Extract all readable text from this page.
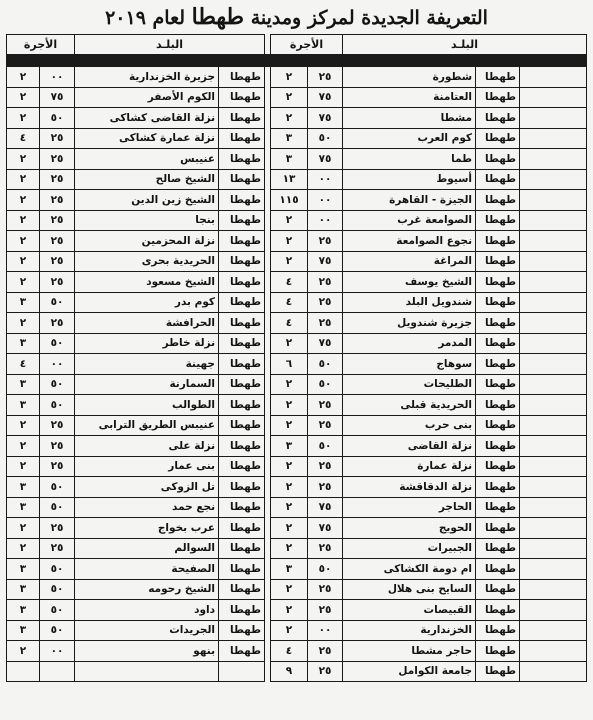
التعريفة الجديدة لمركز ومدينة طهطا لعام ٢٠١٩
الأجرة		البلـد			الأجرة		البلـد		

٢	٠٠	جزيرة الخزندارية	طهطا		٢	٢٥	شطورة	طهطا	
٢	٧٥	الكوم الأصفر	طهطا		٢	٧٥	العتامنة	طهطا	
٢	٥٠	نزلة القاضى كشاكى	طهطا		٢	٧٥	مشطا	طهطا	
٤	٢٥	نزلة عمارة كشاكى	طهطا		٣	٥٠	كوم العرب	طهطا	
٢	٢٥	عنيبس	طهطا		٣	٧٥	طما	طهطا	
٢	٢٥	الشيخ صالح	طهطا		١٣	٠٠	أسيوط	طهطا	
٢	٢٥	الشيخ زين الدين	طهطا		١١٥	٠٠	الجيزة - القاهرة	طهطا	
٢	٢٥	بنجا	طهطا		٢	٠٠	الصوامعة غرب	طهطا	
٢	٢٥	نزلة المحزمين	طهطا		٢	٢٥	نجوع الصوامعة	طهطا	
٢	٢٥	الحريدية بحرى	طهطا		٢	٧٥	المراغة	طهطا	
٢	٢٥	الشيخ مسعود	طهطا		٤	٢٥	الشيخ يوسف	طهطا	
٣	٥٠	كوم بدر	طهطا		٤	٢٥	شندويل البلد	طهطا	
٢	٢٥	الحرافشة	طهطا		٤	٢٥	جزيرة شندويل	طهطا	
٣	٥٠	نزلة خاطر	طهطا		٢	٧٥	المدمر	طهطا	
٤	٠٠	جهينة	طهطا		٦	٥٠	سوهاج	طهطا	
٣	٥٠	السمارنة	طهطا		٢	٥٠	الطليحات	طهطا	
٣	٥٠	الطوالب	طهطا		٢	٢٥	الحريدية قبلى	طهطا	
٢	٢٥	عنيبس الطريق الترابى	طهطا		٢	٢٥	بنى حرب	طهطا	
٢	٢٥	نزلة على	طهطا		٣	٥٠	نزلة القاضى	طهطا	
٢	٢٥	بنى عمار	طهطا		٢	٢٥	نزلة عمارة	طهطا	
٣	٥٠	تل الزوكى	طهطا		٢	٢٥	نزلة الدقاقشة	طهطا	
٣	٥٠	نجع حمد	طهطا		٢	٧٥	الحاجر	طهطا	
٢	٢٥	عرب بخواج	طهطا		٢	٧٥	الحويج	طهطا	
٢	٢٥	السوالم	طهطا		٢	٢٥	الجبيرات	طهطا	
٣	٥٠	الصفيحة	طهطا		٣	٥٠	ام دومة الكشاكى	طهطا	
٣	٥٠	الشيخ رحومه	طهطا		٢	٢٥	السايح بنى هلال	طهطا	
٣	٥٠	داود	طهطا		٢	٢٥	القبيصات	طهطا	
٣	٥٠	الجريدات	طهطا		٢	٠٠	الخزندارية	طهطا	
٢	٠٠	بنهو	طهطا		٤	٢٥	حاجر مشطا	طهطا	
					٩	٢٥	جامعة الكوامل	طهطا	
